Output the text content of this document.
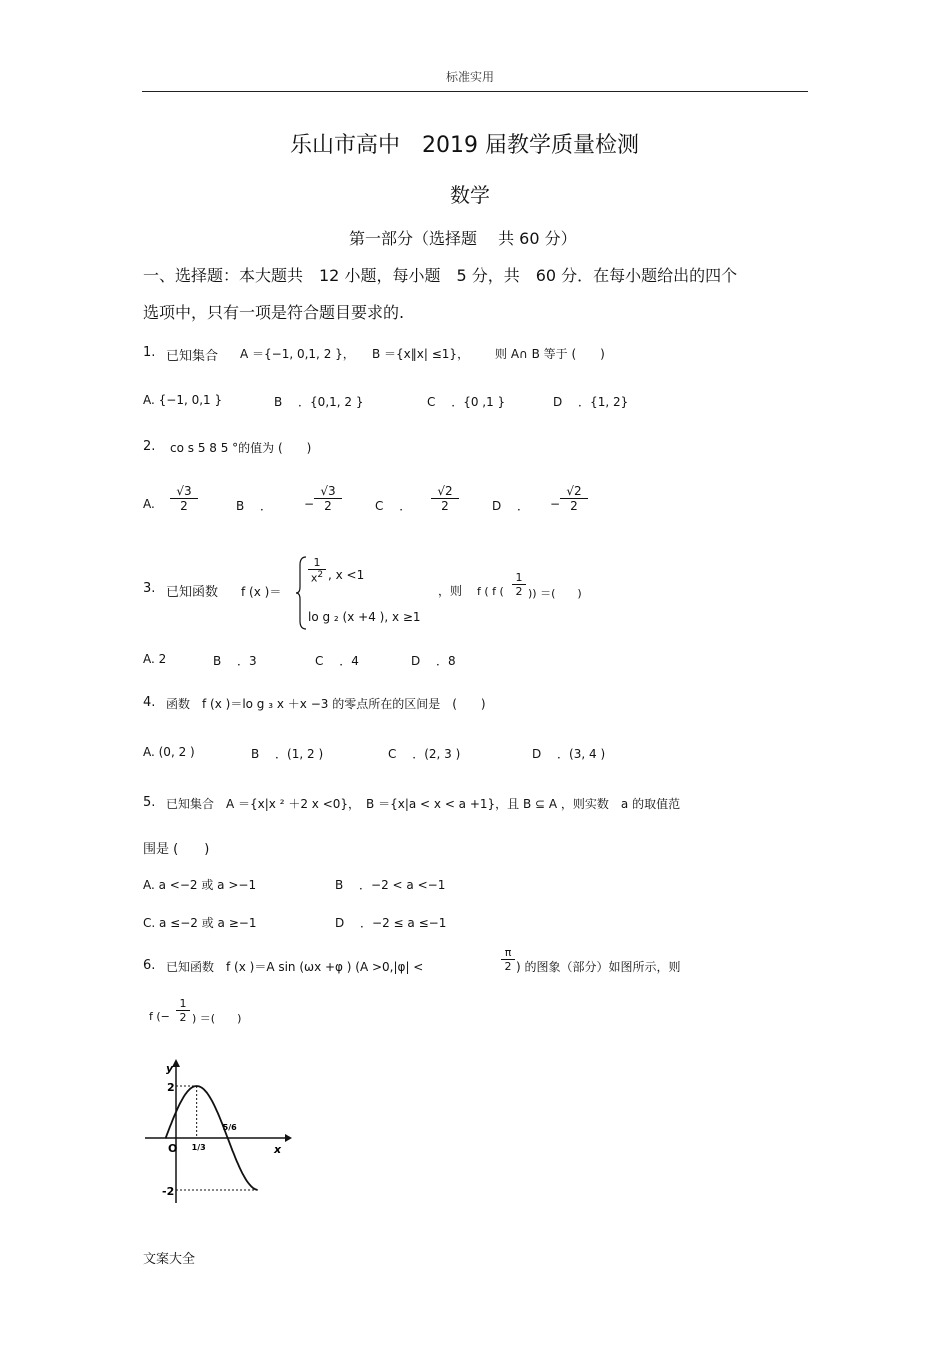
标准实用
乐山市高中　2019 届教学质量检测
数学
第一部分（选择题　 共 60 分）
一、选择题：本大题共　12 小题，每小题　5 分，共　60 分．在每小题给出的四个
选项中，只有一项是符合题目要求的.
1. 已知集合 A ＝{−1, 0,1, 2 }， B ＝{x‖x| ≤1}， 则 A∩ B 等于 (　　)
A. {−1, 0,1 }	B　 ．{0,1, 2 }	C　 ．{0 ,1 }	D　 ．{1, 2}
2. co s 5 8 5 °的值为 (　　)
A. $\frac{√3}{2}$	B　 ．	− $\frac{√3}{2}$	C　 ． $\frac{√2}{2}$	D　 ． − $\frac{√2}{2}$
3. 已知函数 f (x )＝
$\frac{1}{x^2}$ , x <1
lo g ₂ (x +4 ), x ≥1
，则 f ( f ( $\frac{1}{2}$ )) ＝(　　)
A. 2	B　 ．3	C　 ．4	D　 ．8
4. 函数　f (x )＝lo g ₃ x ＋x −3 的零点所在的区间是　(　　)
A. (0, 2 )	B　 ．(1, 2 )	C　 ．(2, 3 )	D　 ．(3, 4 )
5. 已知集合　A ＝{x|x ² ＋2 x <0}，　B ＝{x|a < x < a +1}，且 B ⊆ A ，则实数　a 的取值范
围是 (　　)
A. a <−2 或 a >−1	B　 ．−2 < a <−1
C. a ≤−2 或 a ≥−1	D　 ．−2 ≤ a ≤−1
6. 已知函数　f (x )＝A sin (ωx +φ ) (A >0,|φ| <	$\frac{\pi}{2}$ ) 的图象（部分）如图所示，则
f (− $\frac{1}{2}$ ) ＝(　　)
y
x
O
2
-2
1/3
5/6
文案大全
